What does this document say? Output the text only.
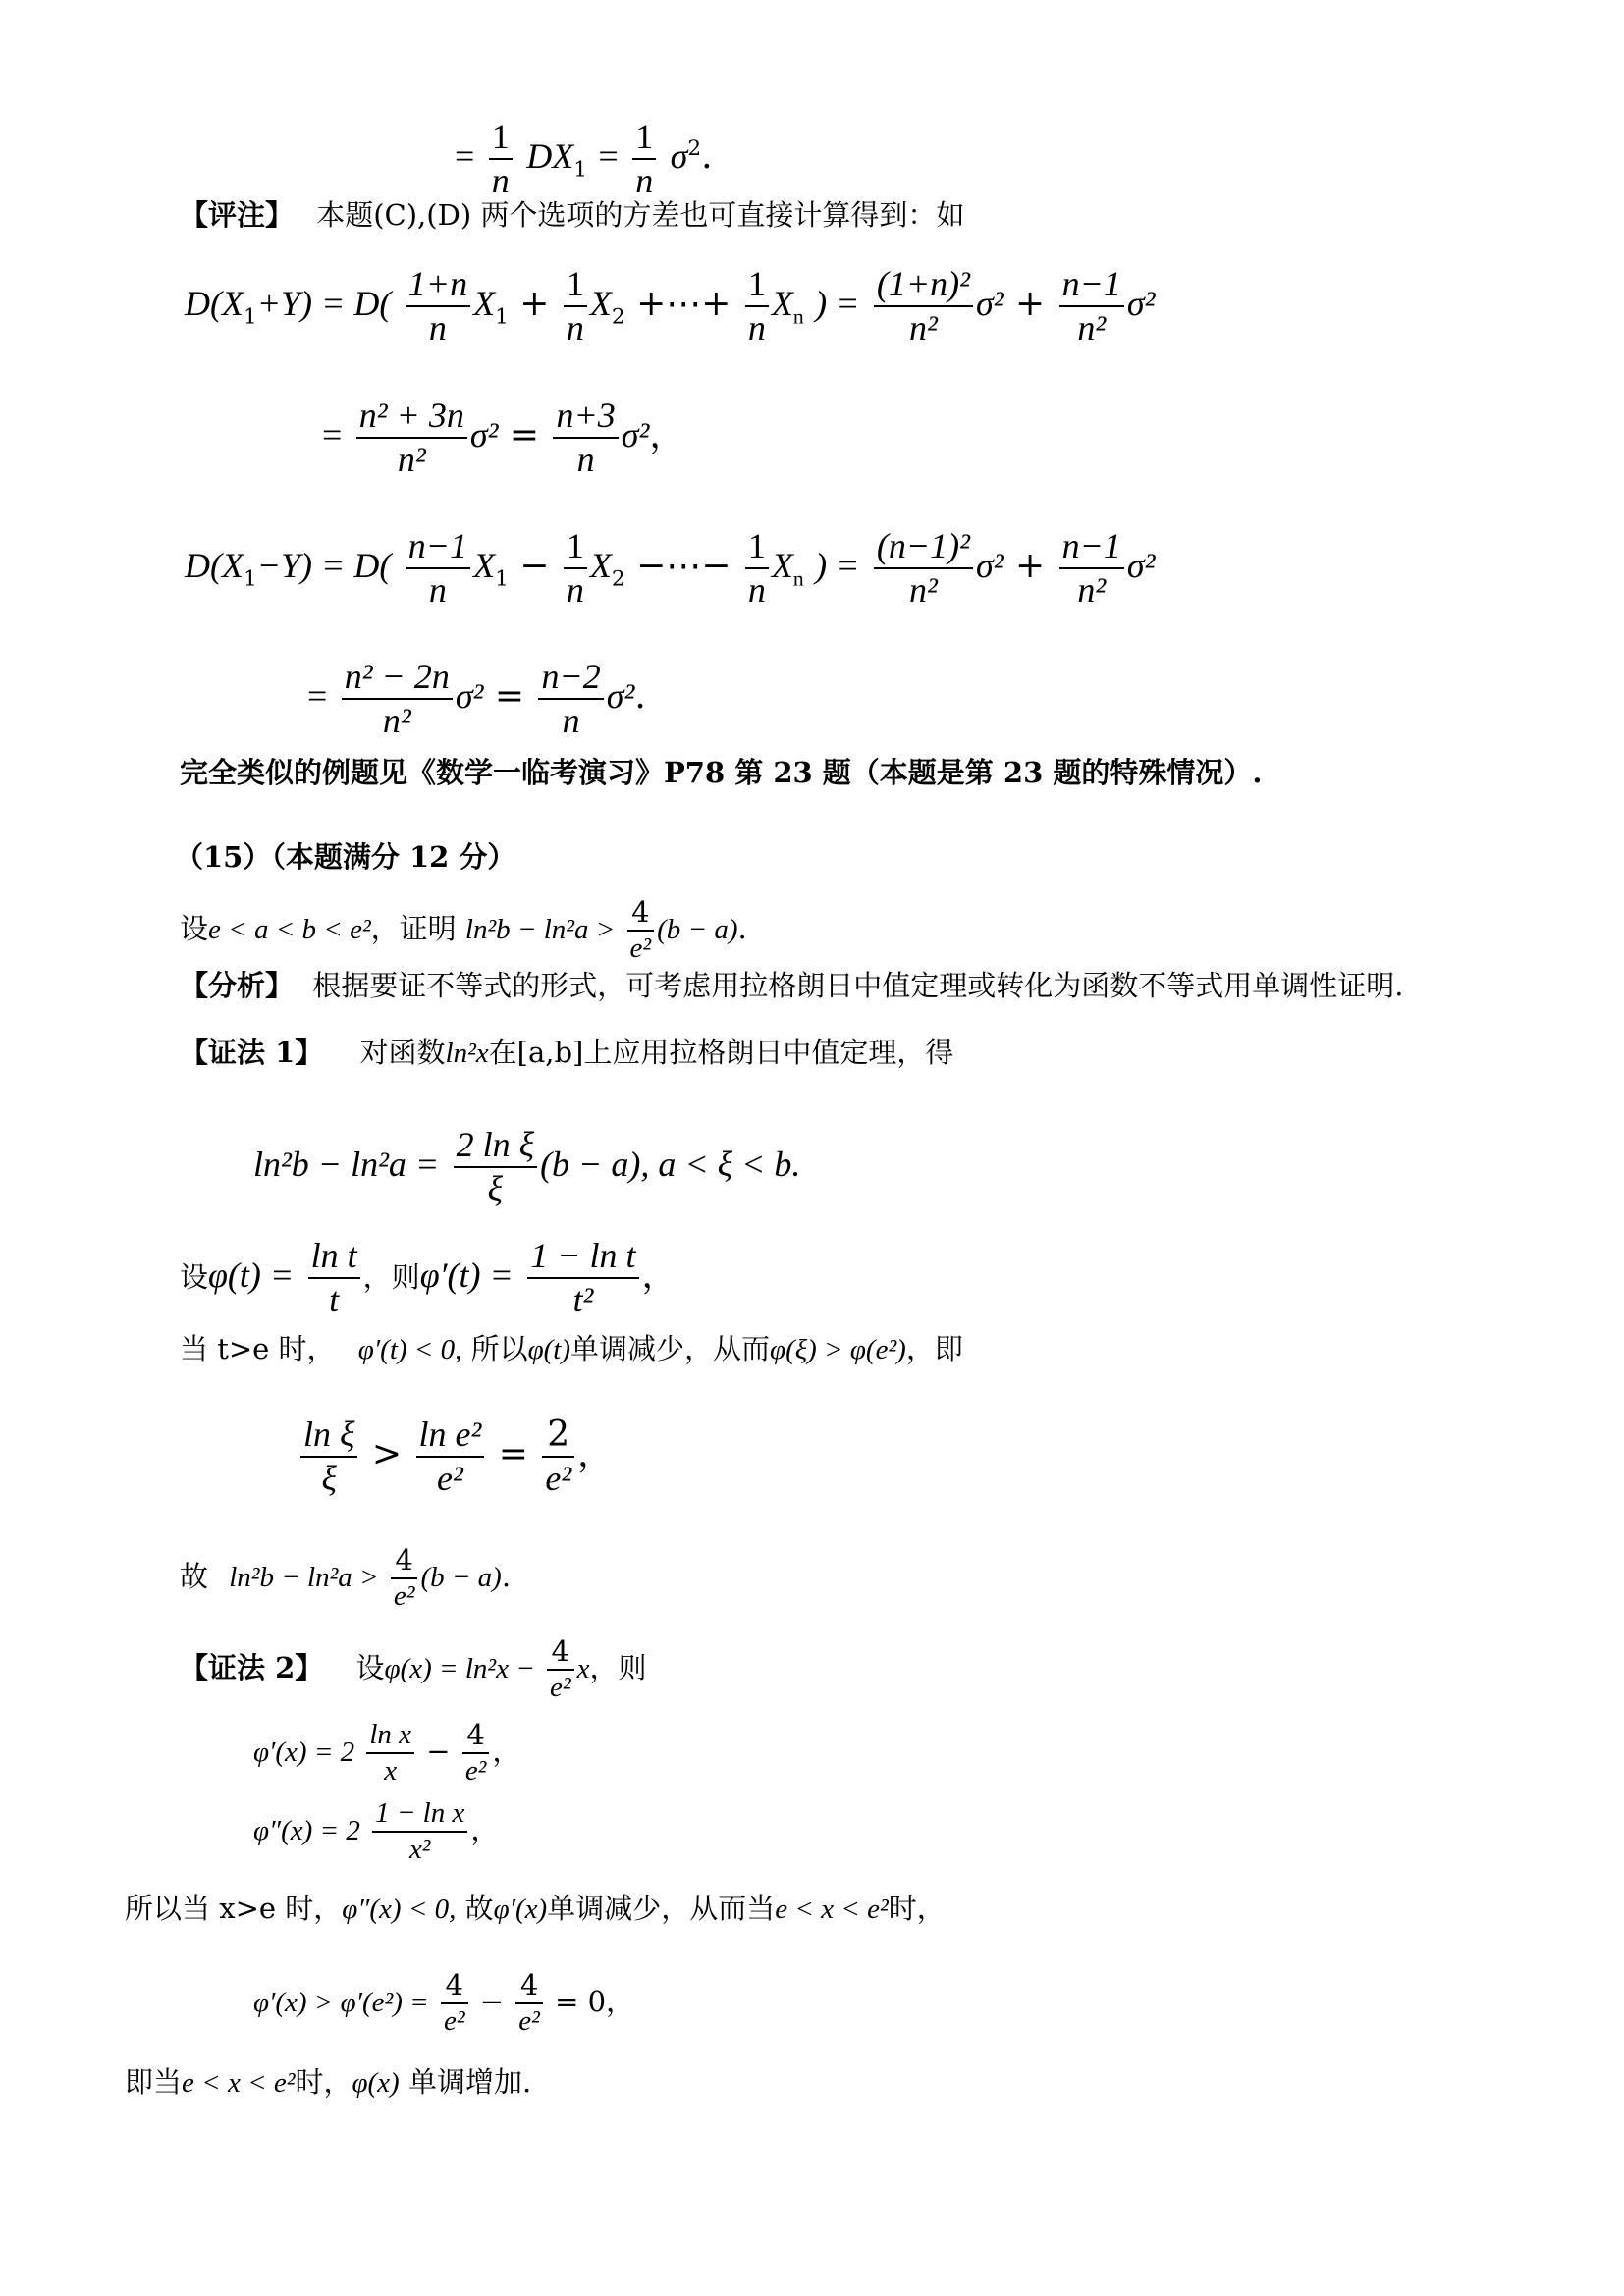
= $\frac{1}{n} DX_1 = \frac{1}{n} \sigma^2$.
【评注】 本题(C),(D) 两个选项的方差也可直接计算得到：如
$D(X_1+Y) = D( \frac{1+n}{n} X_1 + \frac{1}{n} X_2$ +⋯+ $\frac{1}{n} X_n$ ) = $\frac{\text{(1+n)²}}{\text{n²}} \sigma^2 + \frac{n-1}{\text{n²}} \sigma^2$
= $\frac{\text{n² + 3n}}{\text{n²}} \sigma^2 = \frac{n+3}{n} \sigma^2$，
$D(X_1-Y) = D( \frac{n-1}{n} X_1 - \frac{1}{n} X_2$ −⋯− $\frac{1}{n} X_n$ ) = $\frac{\text{(n−1)²}}{\text{n²}} \sigma^2 + \frac{n-1}{\text{n²}} \sigma^2$
= $\frac{\text{n² − 2n}}{\text{n²}} \sigma^2 = \frac{n-2}{n} \sigma^2$.
完全类似的例题见《数学一临考演习》P78 第 23 题（本题是第 23 题的特殊情况）.
（15）（本题满分 12 分）
设e < a < b < e²，证明 $\ln^2b - \ln^2a > \frac{4}{\text{e²}} (b - a)$.
【分析】 根据要证不等式的形式，可考虑用拉格朗日中值定理或转化为函数不等式用单调性证明.
【证法 1】 对函数ln²x在[a,b]上应用拉格朗日中值定理，得
$\ln^2b - \ln^2a = \frac{\text{2 ln ξ}}{\xi} (b - a)$, a < ξ < b.
设$\varphi(t) = \frac{\text{ln t}}{t}$ ，则$\varphi'(t) = \frac{\text{1 − ln t}}{\text{t²}}$ ，
当 t>e 时， φ′(t) < 0, 所以φ(t)单调减少，从而φ(ξ) > φ(e²)，即
$\frac{\text{ln ξ}}{\xi} > \frac{\text{ln e²}}{\text{e²}} = \frac{2}{\text{e²}}$ ，
故 $\ln^2b - \ln^2a > \frac{4}{\text{e²}} (b - a)$.
【证法 2】 设$\varphi(x) = \ln^2x - \frac{4}{\text{e²}}$ x，则
$\varphi'(x) = 2 \frac{\text{ln x}}{x} - \frac{4}{\text{e²}}$ ，
$\varphi''(x) = 2 \frac{\text{1 − ln x}}{\text{x²}}$ ，
所以当 x>e 时，φ″(x) < 0, 故φ′(x)单调减少，从而当e < x < e²时，
$\varphi'(x) > \varphi'(e^2) = \frac{4}{\text{e²}} - \frac{4}{\text{e²}} = 0$，
即当e < x < e²时，φ(x) 单调增加.
